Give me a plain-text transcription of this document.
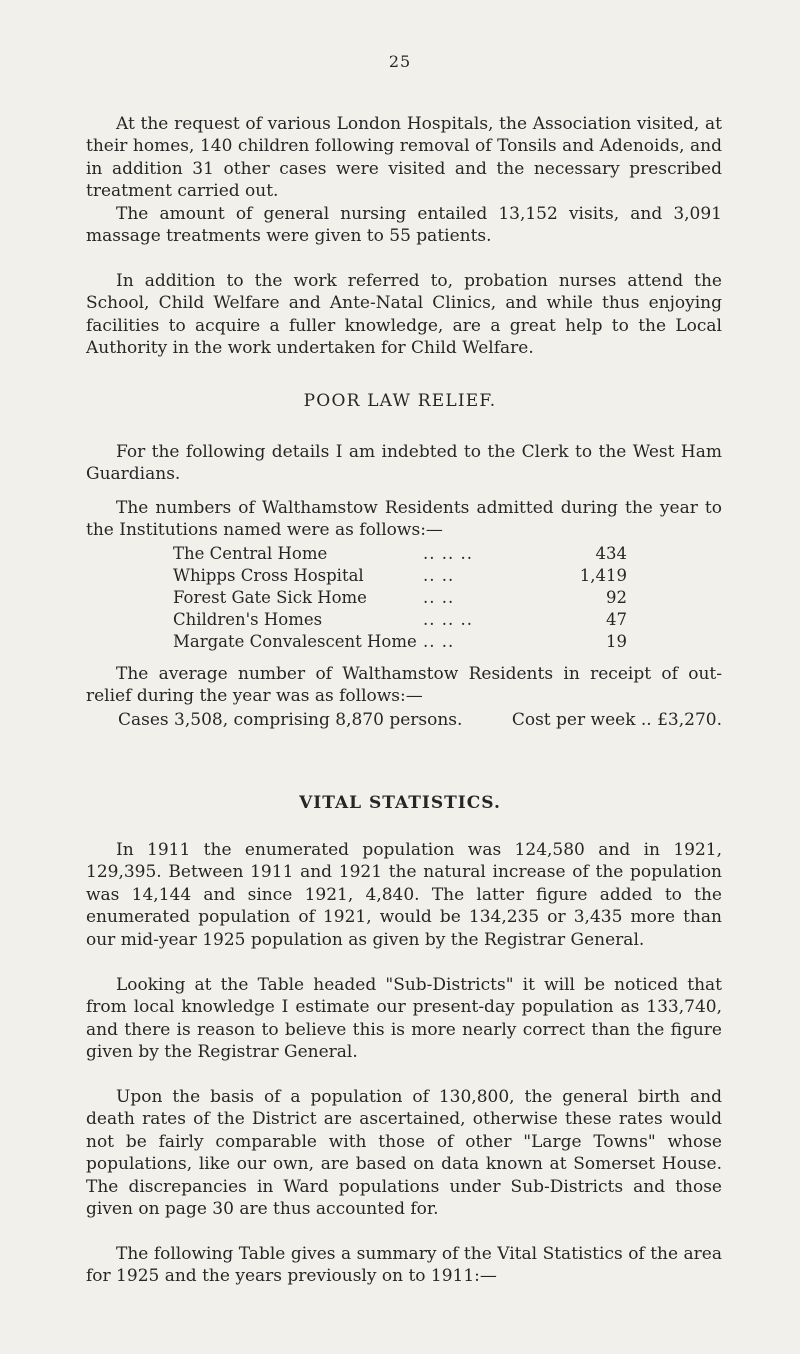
25

At the request of various London Hospitals, the Association visited, at their homes, 140 children following removal of Tonsils and Adenoids, and in addition 31 other cases were visited and the necessary prescribed treatment carried out.

The amount of general nursing entailed 13,152 visits, and 3,091 massage treatments were given to 55 patients.

In addition to the work referred to, probation nurses attend the School, Child Welfare and Ante-Natal Clinics, and while thus enjoying facilities to acquire a fuller knowledge, are a great help to the Local Authority in the work undertaken for Child Welfare.

POOR LAW RELIEF.

For the following details I am indebted to the Clerk to the West Ham Guardians.

The numbers of Walthamstow Residents admitted during the year to the Institutions named were as follows:—

The Central Home	.. .. ..	434
Whipps Cross Hospital	.. ..	1,419
Forest Gate Sick Home	.. ..	92
Children's Homes	.. .. ..	47
Margate Convalescent Home .. ..	19

The average number of Walthamstow Residents in receipt of out-relief during the year was as follows:—

Cases 3,508, comprising 8,870 persons.	Cost per week .. £3,270.
VITAL STATISTICS.

In 1911 the enumerated population was 124,580 and in 1921, 129,395. Between 1911 and 1921 the natural increase of the population was 14,144 and since 1921, 4,840. The latter figure added to the enumerated population of 1921, would be 134,235 or 3,435 more than our mid-year 1925 population as given by the Registrar General.

Looking at the Table headed "Sub-Districts" it will be noticed that from local knowledge I estimate our present-day population as 133,740, and there is reason to believe this is more nearly correct than the figure given by the Registrar General.

Upon the basis of a population of 130,800, the general birth and death rates of the District are ascertained, otherwise these rates would not be fairly comparable with those of other "Large Towns" whose populations, like our own, are based on data known at Somerset House. The discrepancies in Ward populations under Sub-Districts and those given on page 30 are thus accounted for.

The following Table gives a summary of the Vital Statistics of the area for 1925 and the years previously on to 1911:—
